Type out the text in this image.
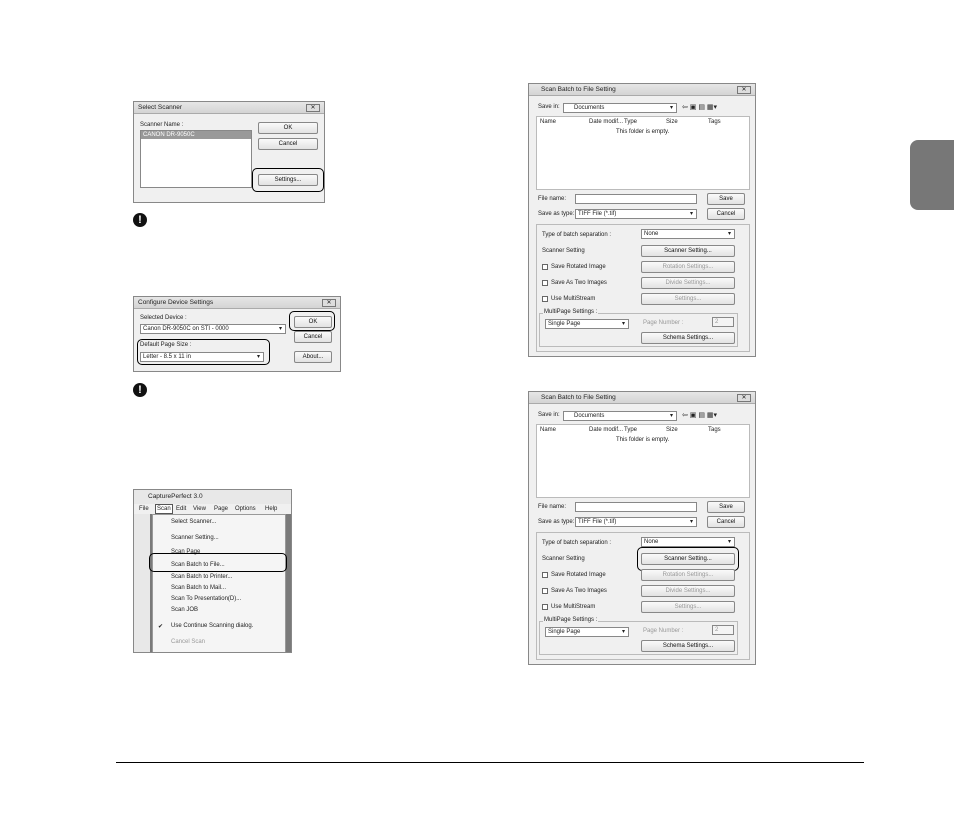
Select Scanner	✕
Scanner Name :
CANON DR-9050C
OK
Cancel
Settings...
!
Configure Device Settings	✕
Selected Device :
Canon DR-9050C on STI - 0000	▾
Default Page Size :
Letter - 8.5 x 11 in	▾
OK
Cancel
About...
!
CapturePerfect 3.0
File	Scan Edit View Page Options Help
Select Scanner...
Scanner Setting...
Scan Page
Scan Batch to File...
Scan Batch to Printer...
Scan Batch to Mail...
Scan To Presentation(D)...
Scan JOB
✔ Use Continue Scanning dialog.
Cancel Scan
Scan Batch to File Setting	✕
Save in:	Documents	▾ ⇦ ▣ ▤ ▦▾
Name	Date modif... Type	Size	Tags
This folder is empty.
File name:	Save
Save as type: TIFF File (*.tif)	▾	Cancel
Type of batch separation :	None	▾
Scanner Setting	Scanner Setting...
Save Rotated Image	Rotation Settings...
Save As Two Images	Divide Settings...
Use MultiStream	Settings...
MultiPage Settings :
Single Page	▾	Page Number :	2
Schema Settings...
Scan Batch to File Setting	✕
Save in:	Documents	▾ ⇦ ▣ ▤ ▦▾
Name	Date modif... Type	Size	Tags
This folder is empty.
File name:	Save
Save as type: TIFF File (*.tif)	▾	Cancel
Type of batch separation :	None	▾
Scanner Setting	Scanner Setting...
Save Rotated Image	Rotation Settings...
Save As Two Images	Divide Settings...
Use MultiStream	Settings...
MultiPage Settings :
Single Page	▾	Page Number :	2
Schema Settings...
